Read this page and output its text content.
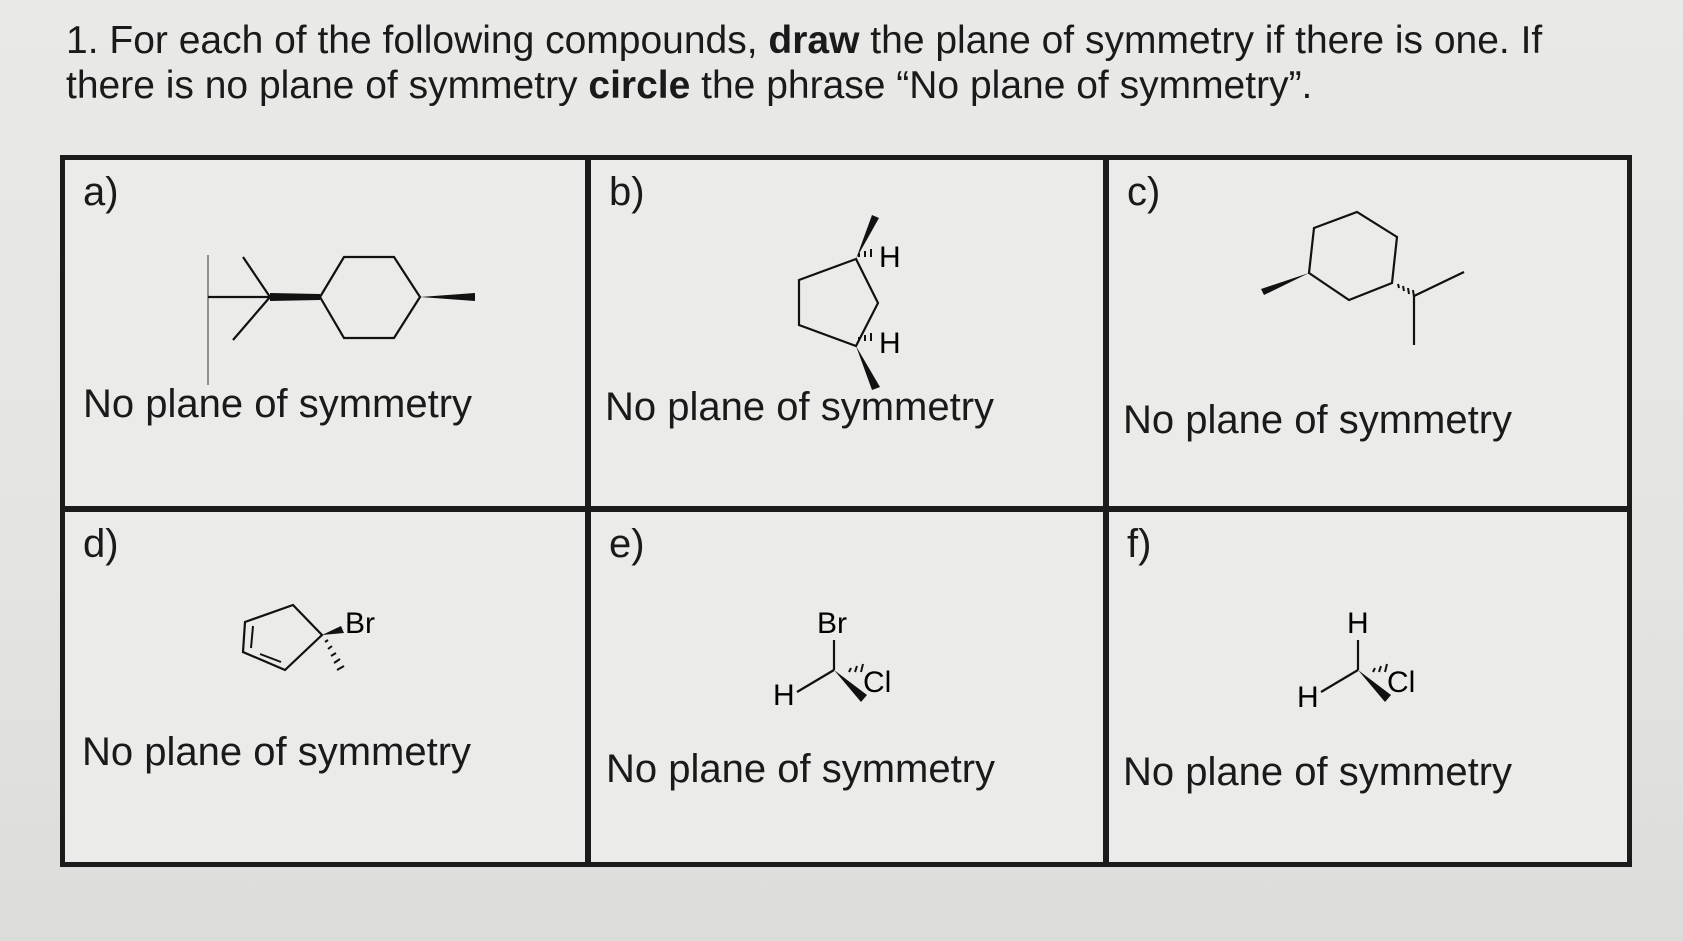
1. For each of the following compounds, draw the plane of symmetry if there is one. If there is no plane of symmetry circle the phrase “No plane of symmetry”.
a)
No plane of symmetry
b)
H
H
No plane of symmetry
c)
No plane of symmetry
d)
Br
No plane of symmetry
e)
Br
H Cl
No plane of symmetry
f)
H
H Cl
No plane of symmetry
